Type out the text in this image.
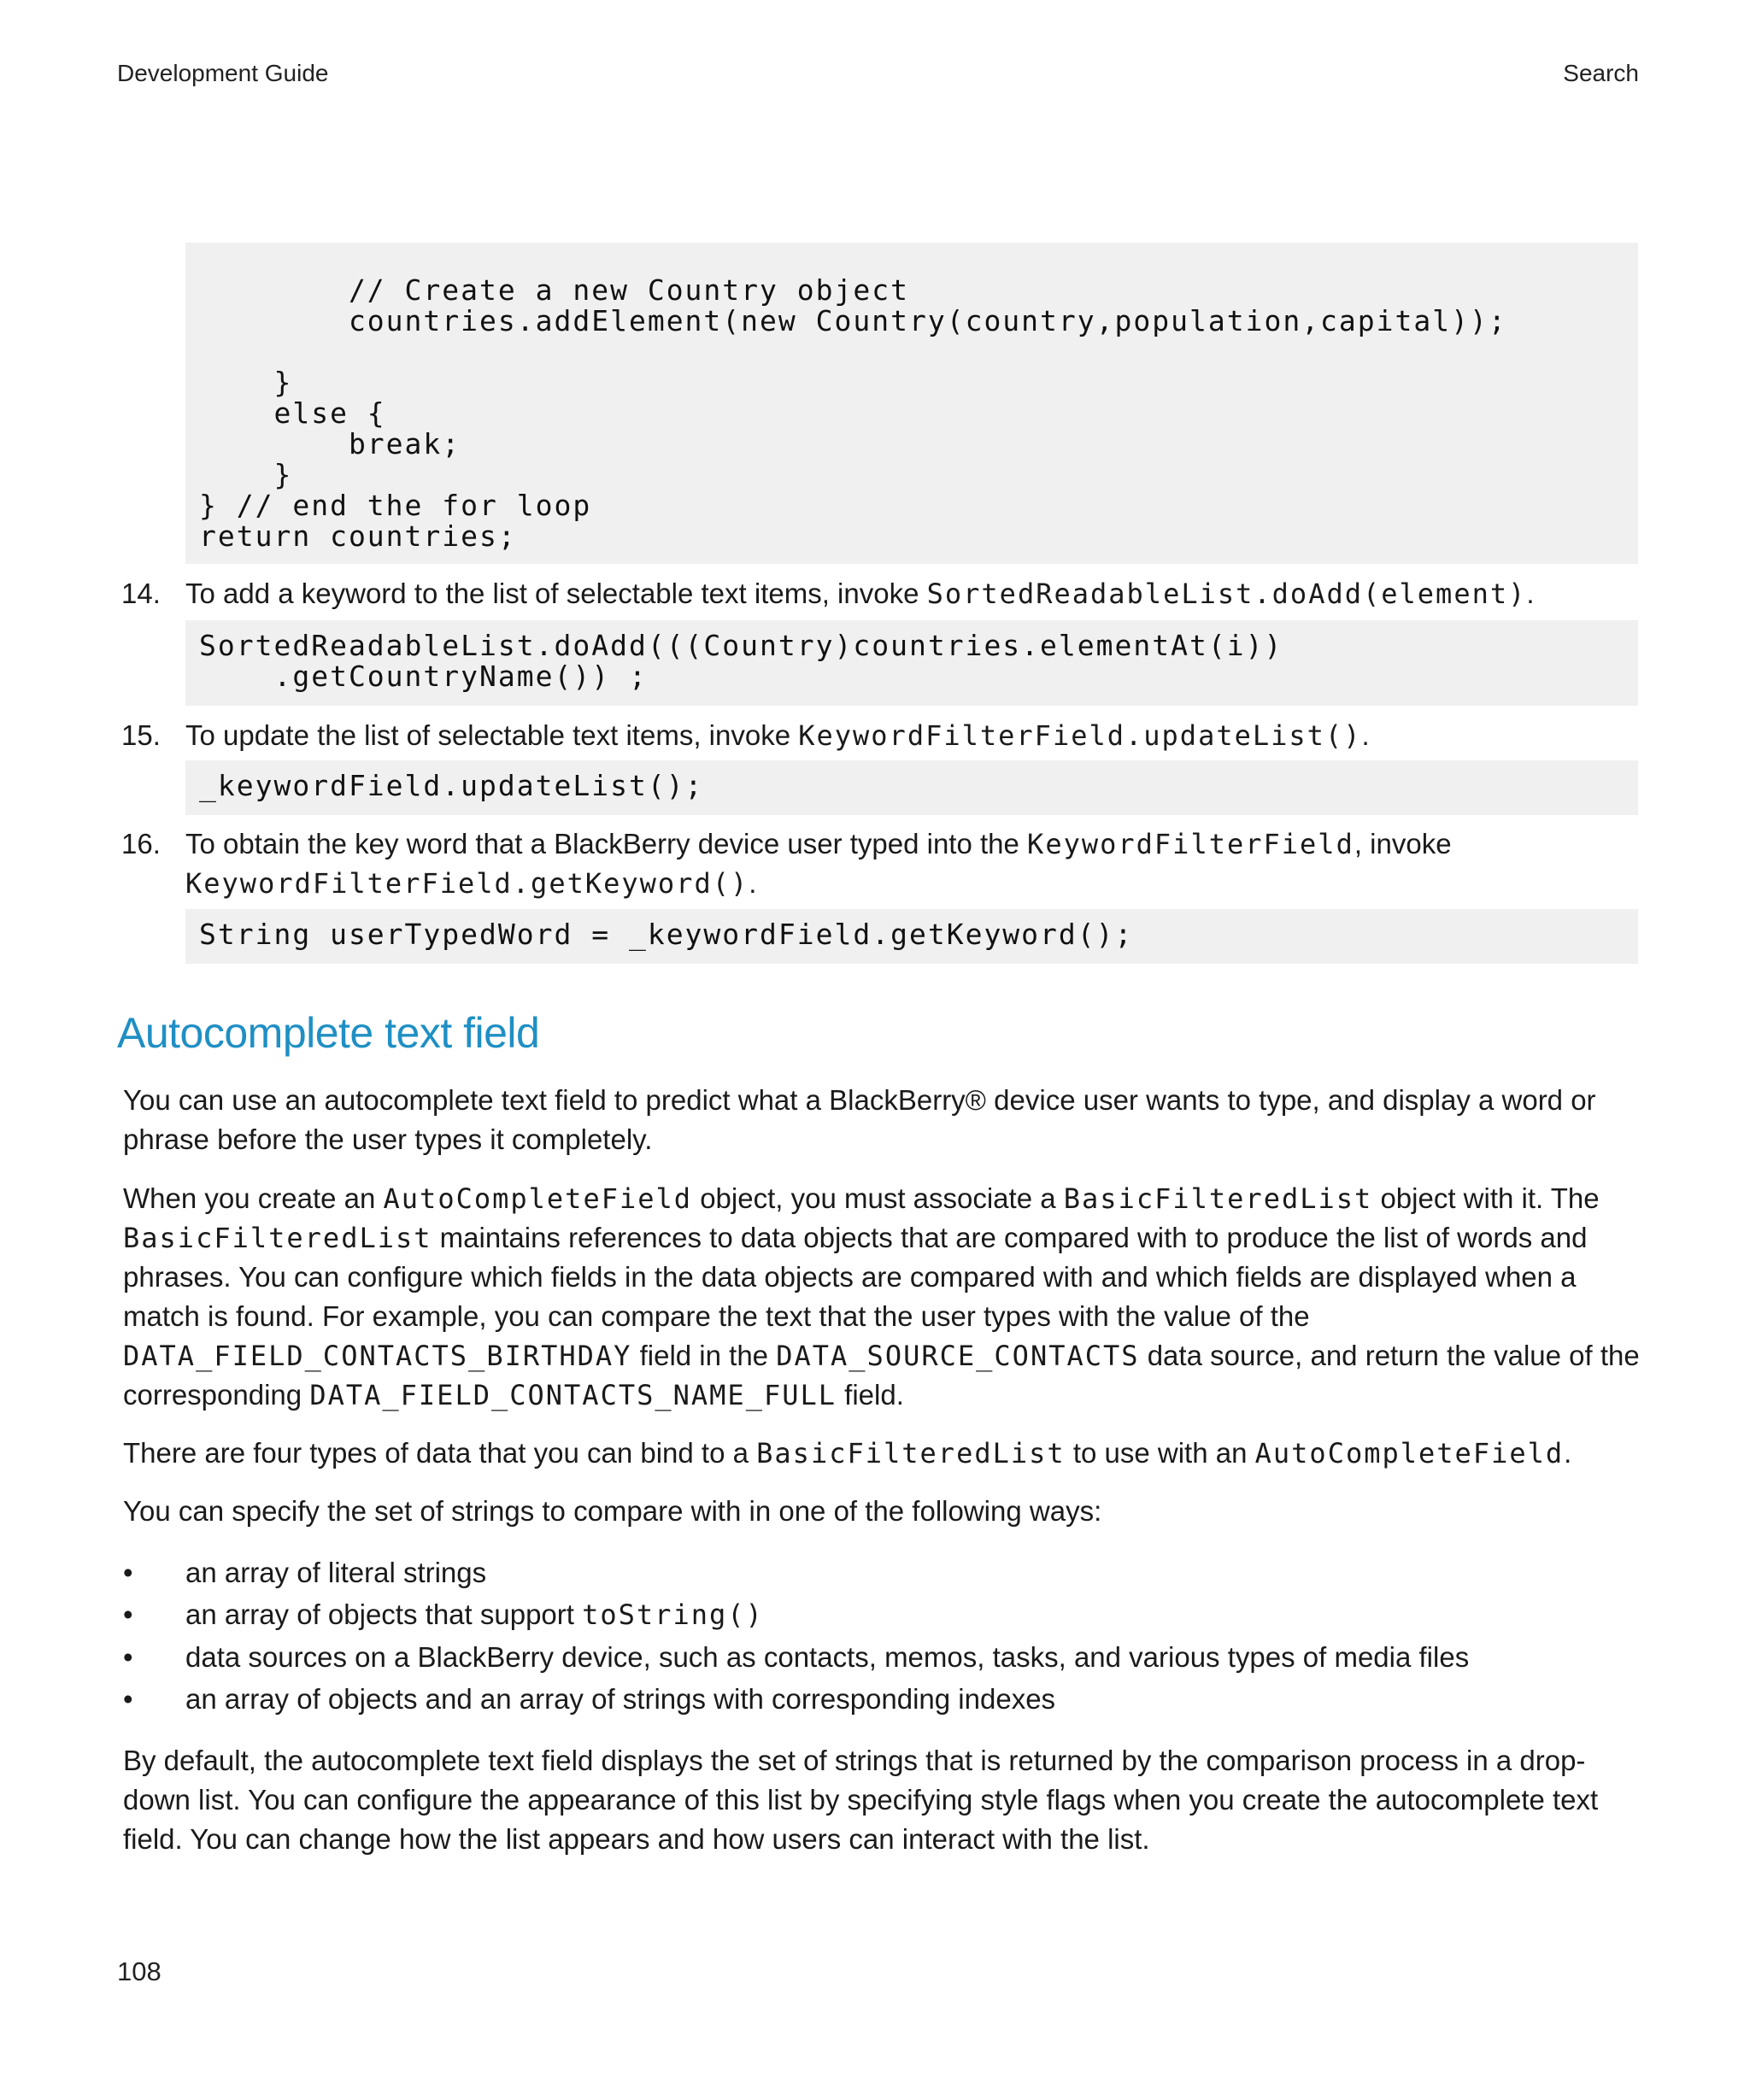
Development Guide	Search
// Create a new Country object
countries.addElement(new Country(country,population,capital));

}
else {
break;
}
} // end the for loop
return countries;
14. To add a keyword to the list of selectable text items, invoke SortedReadableList.doAdd(element).
SortedReadableList.doAdd(((Country)countries.elementAt(i))
.getCountryName()) ;
15. To update the list of selectable text items, invoke KeywordFilterField.updateList().
_keywordField.updateList();
16. To obtain the key word that a BlackBerry device user typed into the KeywordFilterField, invoke
KeywordFilterField.getKeyword().
String userTypedWord = _keywordField.getKeyword();
Autocomplete text field

You can use an autocomplete text field to predict what a BlackBerry® device user wants to type, and display a word or phrase before the user types it completely.

When you create an AutoCompleteField object, you must associate a BasicFilteredList object with it. The BasicFilteredList maintains references to data objects that are compared with to produce the list of words and phrases. You can configure which fields in the data objects are compared with and which fields are displayed when a match is found. For example, you can compare the text that the user types with the value of the DATA_FIELD_CONTACTS_BIRTHDAY field in the DATA_SOURCE_CONTACTS data source, and return the value of the corresponding DATA_FIELD_CONTACTS_NAME_FULL field.

There are four types of data that you can bind to a BasicFilteredList to use with an AutoCompleteField.

You can specify the set of strings to compare with in one of the following ways:

• an array of literal strings
• an array of objects that support toString()
• data sources on a BlackBerry device, such as contacts, memos, tasks, and various types of media files
• an array of objects and an array of strings with corresponding indexes

By default, the autocomplete text field displays the set of strings that is returned by the comparison process in a drop-down list. You can configure the appearance of this list by specifying style flags when you create the autocomplete text field. You can change how the list appears and how users can interact with the list.

108
